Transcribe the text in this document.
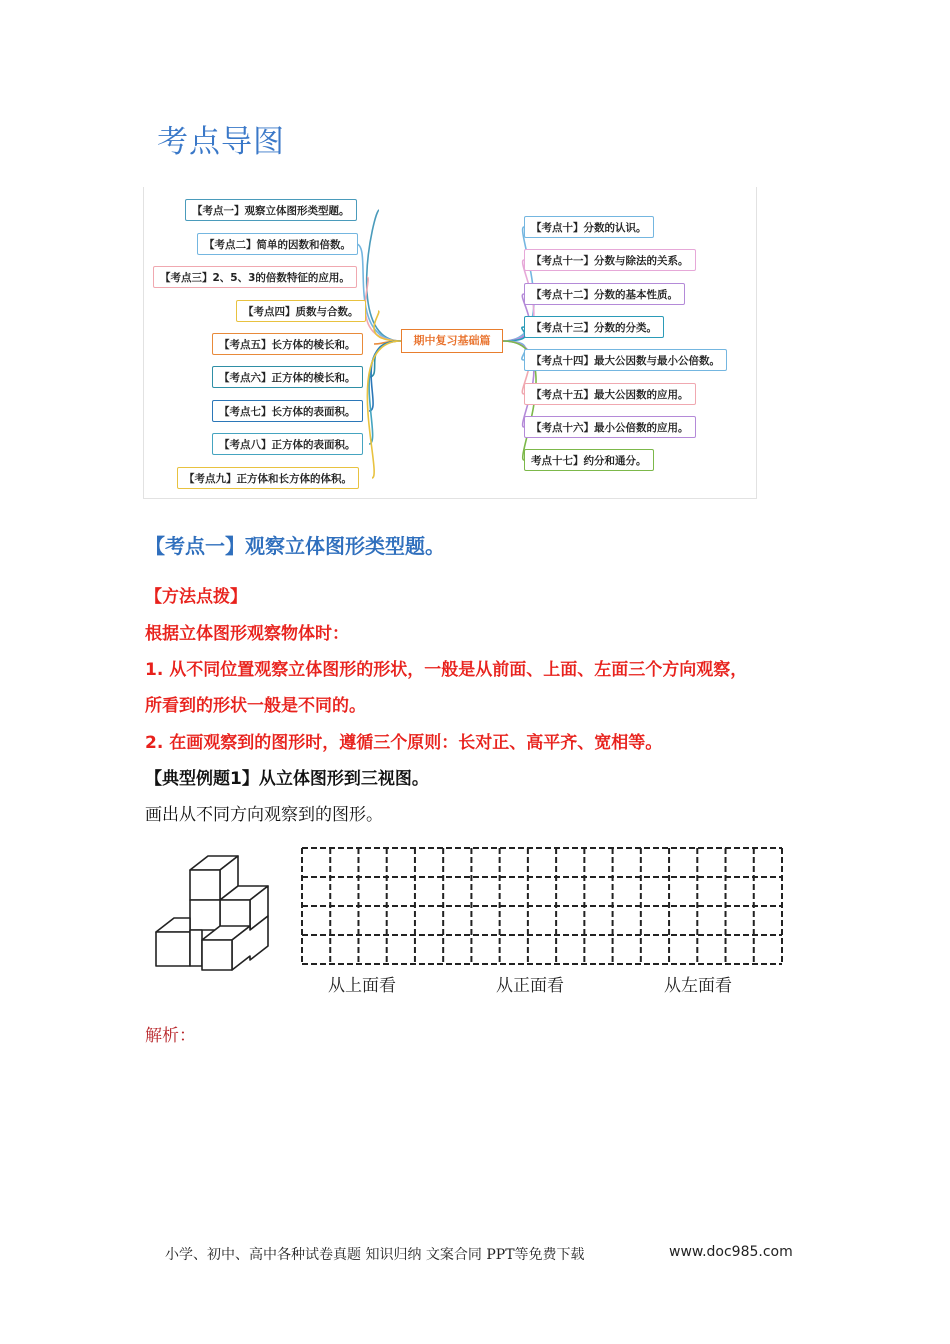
考点导图
期中复习基础篇
【考点一】观察立体图形类型题。
【考点二】简单的因数和倍数。
【考点三】2、5、3的倍数特征的应用。
【考点四】质数与合数。
【考点五】长方体的棱长和。
【考点六】正方体的棱长和。
【考点七】长方体的表面积。
【考点八】正方体的表面积。
【考点九】正方体和长方体的体积。
【考点十】分数的认识。
【考点十一】分数与除法的关系。
【考点十二】分数的基本性质。
【考点十三】分数的分类。
【考点十四】最大公因数与最小公倍数。
【考点十五】最大公因数的应用。
【考点十六】最小公倍数的应用。
考点十七】约分和通分。
【考点一】观察立体图形类型题。
【方法点拨】
根据立体图形观察物体时：
1. 从不同位置观察立体图形的形状，一般是从前面、上面、左面三个方向观察，
所看到的形状一般是不同的。
2. 在画观察到的图形时，遵循三个原则：长对正、高平齐、宽相等。
【典型例题1】从立体图形到三视图。
画出从不同方向观察到的图形。
从上面看	从正面看	从左面看
解析：
小学、初中、高中各种试卷真题 知识归纳 文案合同 PPT等免费下载	www.doc985.com
